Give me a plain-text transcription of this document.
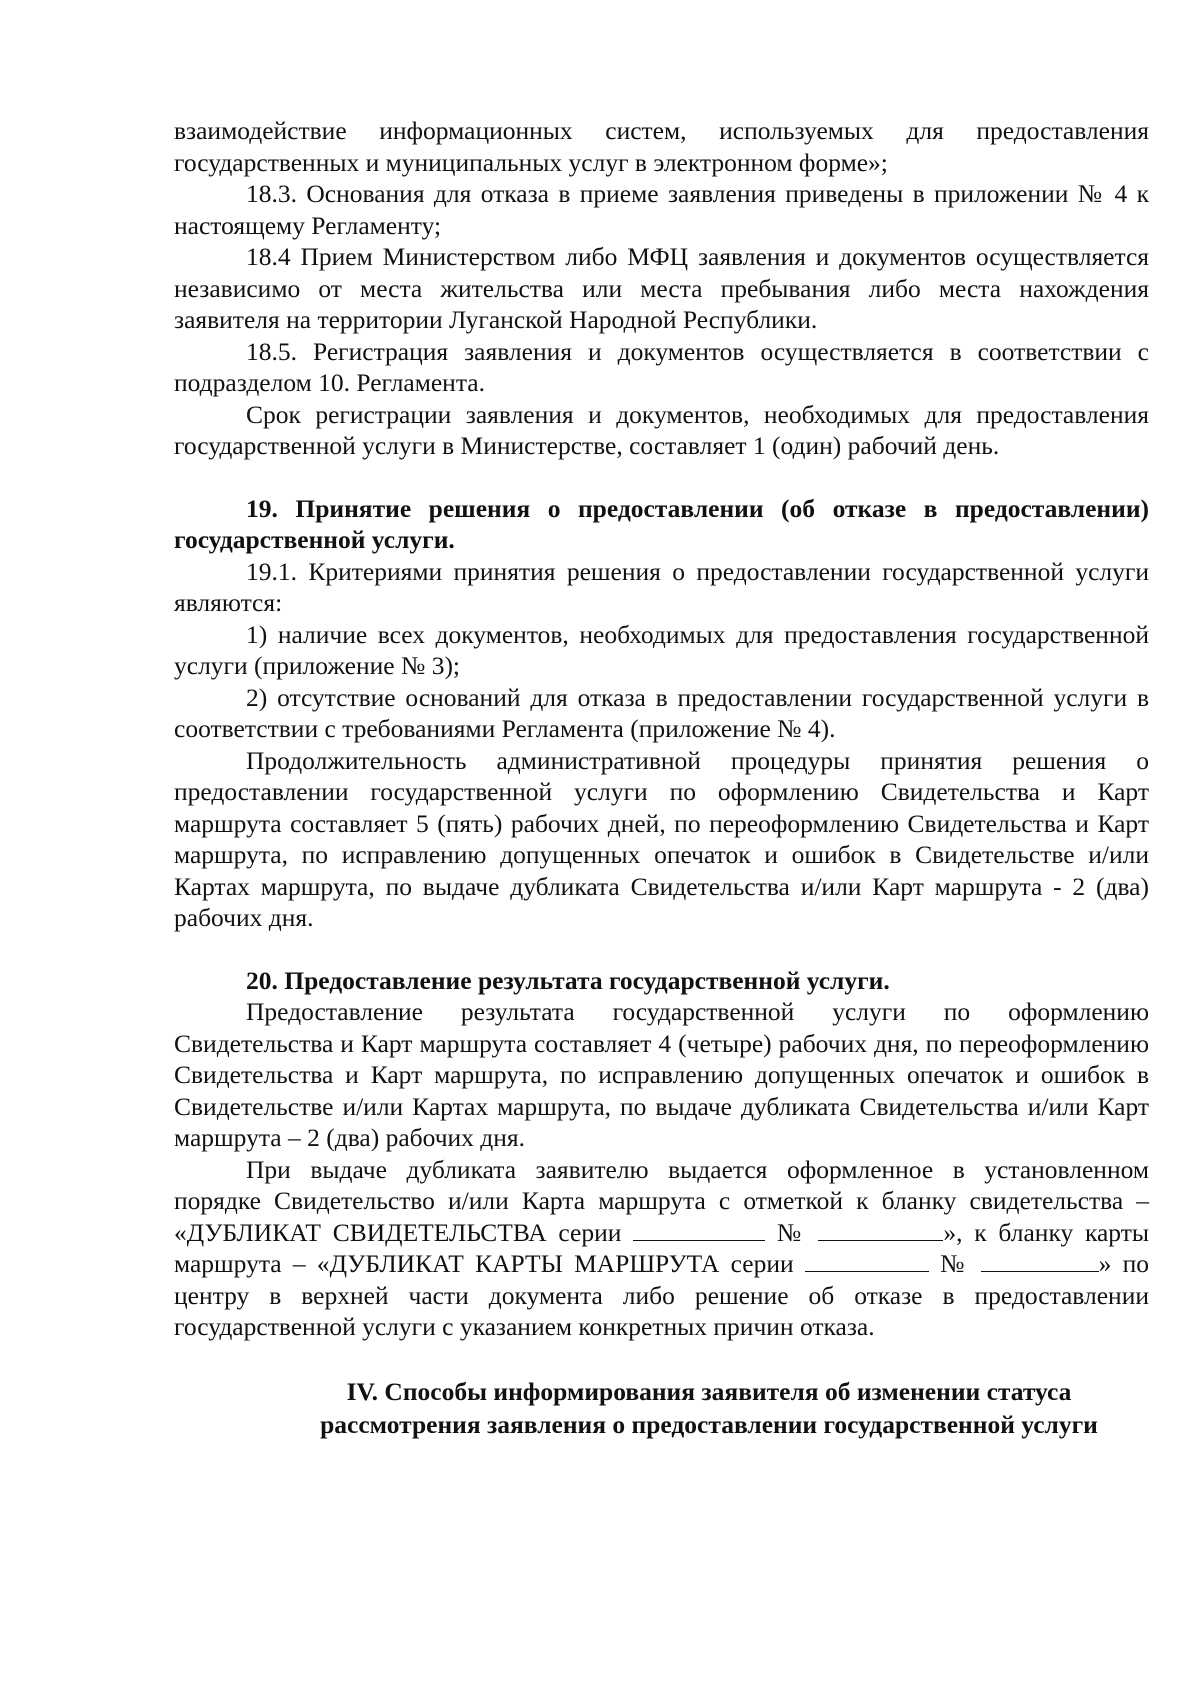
взаимодействие информационных систем, используемых для предоставления государственных и муниципальных услуг в электронном форме»;

18.3. Основания для отказа в приеме заявления приведены в приложении № 4 к настоящему Регламенту;

18.4 Прием Министерством либо МФЦ заявления и документов осуществляется независимо от места жительства или места пребывания либо места нахождения заявителя на территории Луганской Народной Республики.

18.5. Регистрация заявления и документов осуществляется в соответствии с подразделом 10. Регламента.

Срок регистрации заявления и документов, необходимых для предоставления государственной услуги в Министерстве, составляет 1 (один) рабочий день.

19. Принятие решения о предоставлении (об отказе в предоставлении) государственной услуги.

19.1. Критериями принятия решения о предоставлении государственной услуги являются:

1) наличие всех документов, необходимых для предоставления государственной услуги (приложение № 3);

2) отсутствие оснований для отказа в предоставлении государственной услуги в соответствии с требованиями Регламента (приложение № 4).

Продолжительность административной процедуры принятия решения о предоставлении государственной услуги по оформлению Свидетельства и Карт маршрута составляет 5 (пять) рабочих дней, по переоформлению Свидетельства и Карт маршрута, по исправлению допущенных опечаток и ошибок в Свидетельстве и/или Картах маршрута, по выдаче дубликата Свидетельства и/или Карт маршрута - 2 (два) рабочих дня.

20. Предоставление результата государственной услуги.

Предоставление результата государственной услуги по оформлению Свидетельства и Карт маршрута составляет 4 (четыре) рабочих дня, по переоформлению Свидетельства и Карт маршрута, по исправлению допущенных опечаток и ошибок в Свидетельстве и/или Картах маршрута, по выдаче дубликата Свидетельства и/или Карт маршрута – 2 (два) рабочих дня.

При выдаче дубликата заявителю выдается оформленное в установленном порядке Свидетельство и/или Карта маршрута с отметкой к бланку свидетельства – «ДУБЛИКАТ СВИДЕТЕЛЬСТВА серии	№	», к бланку карты маршрута – «ДУБЛИКАТ КАРТЫ МАРШРУТА серии	№	» по центру в верхней части документа либо решение об отказе в предоставлении государственной услуги с указанием конкретных причин отказа.

IV. Способы информирования заявителя об изменении статуса
рассмотрения заявления о предоставлении государственной услуги
